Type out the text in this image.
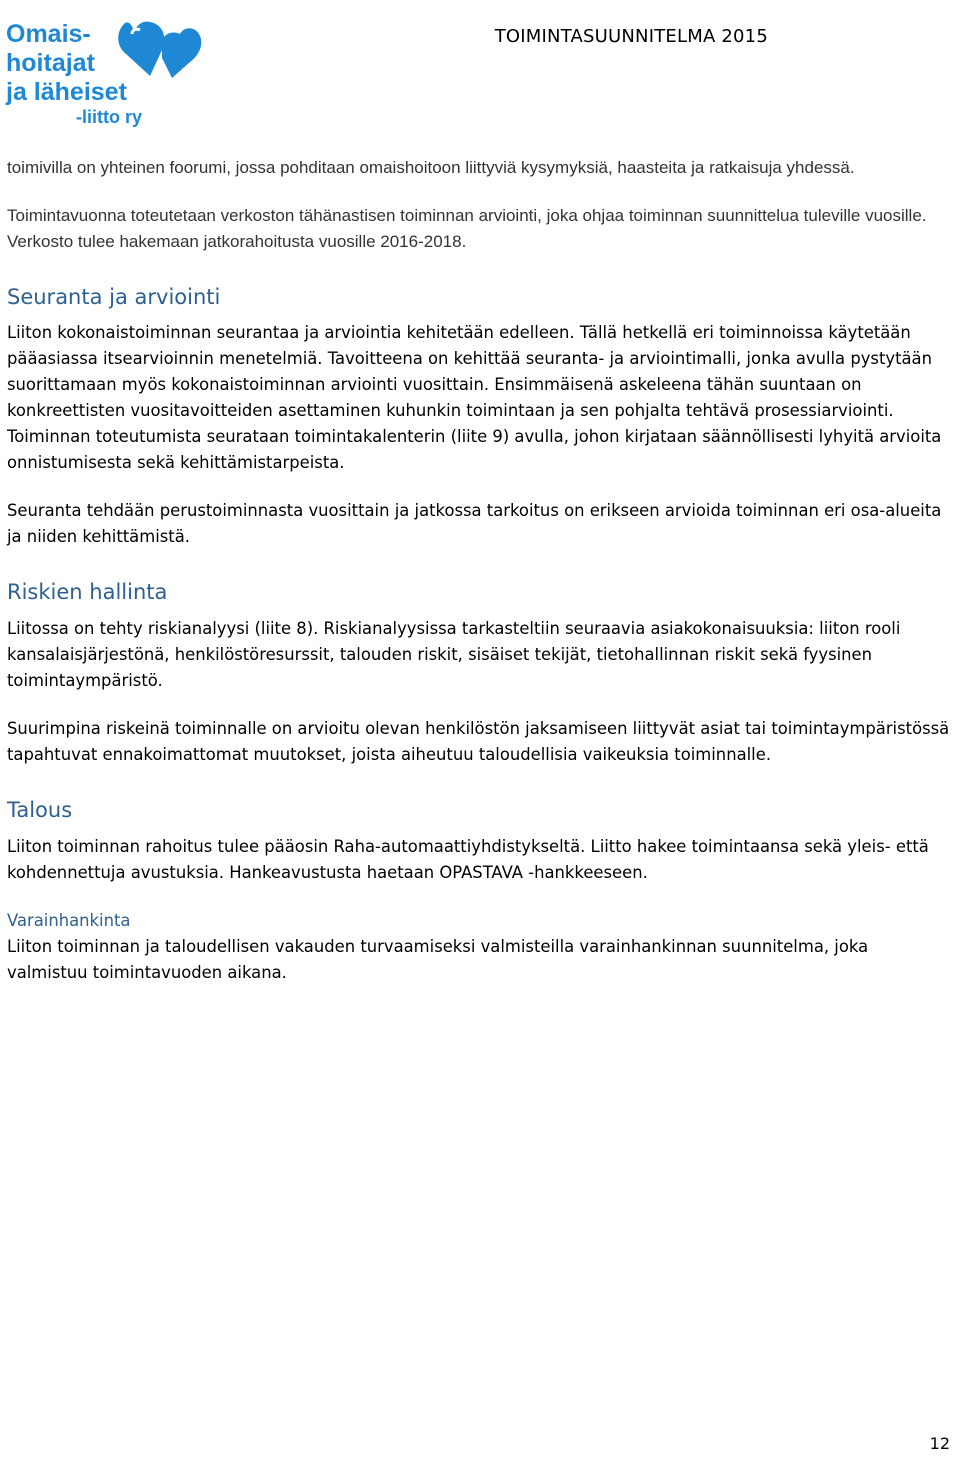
Omais-
hoitajat
ja läheiset
-liitto ry
TOIMINTASUUNNITELMA 2015

toimivilla on yhteinen foorumi, jossa pohditaan omaishoitoon liittyviä kysymyksiä, haasteita ja ratkaisuja yhdessä.

Toimintavuonna toteutetaan verkoston tähänastisen toiminnan arviointi, joka ohjaa toiminnan suunnittelua tuleville vuosille. Verkosto tulee hakemaan jatkorahoitusta vuosille 2016-2018.

Seuranta ja arviointi

Liiton kokonaistoiminnan seurantaa ja arviointia kehitetään edelleen. Tällä hetkellä eri toiminnoissa käytetään pääasiassa itsearvioinnin menetelmiä. Tavoitteena on kehittää seuranta- ja arviointimalli, jonka avulla pystytään suorittamaan myös kokonaistoiminnan arviointi vuosittain. Ensimmäisenä askeleena tähän suuntaan on konkreettisten vuositavoitteiden asettaminen kuhunkin toimintaan ja sen pohjalta tehtävä prosessiarviointi. Toiminnan toteutumista seurataan toimintakalenterin (liite 9) avulla, johon kirjataan säännöllisesti lyhyitä arvioita onnistumisesta sekä kehittämistarpeista.

Seuranta tehdään perustoiminnasta vuosittain ja jatkossa tarkoitus on erikseen arvioida toiminnan eri osa-alueita ja niiden kehittämistä.

Riskien hallinta

Liitossa on tehty riskianalyysi (liite 8). Riskianalyysissa tarkasteltiin seuraavia asiakokonaisuuksia: liiton rooli kansalaisjärjestönä, henkilöstöresurssit, talouden riskit, sisäiset tekijät, tietohallinnan riskit sekä fyysinen toimintaympäristö.

Suurimpina riskeinä toiminnalle on arvioitu olevan henkilöstön jaksamiseen liittyvät asiat tai toimintaympäristössä tapahtuvat ennakoimattomat muutokset, joista aiheutuu taloudellisia vaikeuksia toiminnalle.

Talous

Liiton toiminnan rahoitus tulee pääosin Raha-automaattiyhdistykseltä. Liitto hakee toimintaansa sekä yleis- että kohdennettuja avustuksia. Hankeavustusta haetaan OPASTAVA -hankkeeseen.

Varainhankinta

Liiton toiminnan ja taloudellisen vakauden turvaamiseksi valmisteilla varainhankinnan suunnitelma, joka valmistuu toimintavuoden aikana.

12
